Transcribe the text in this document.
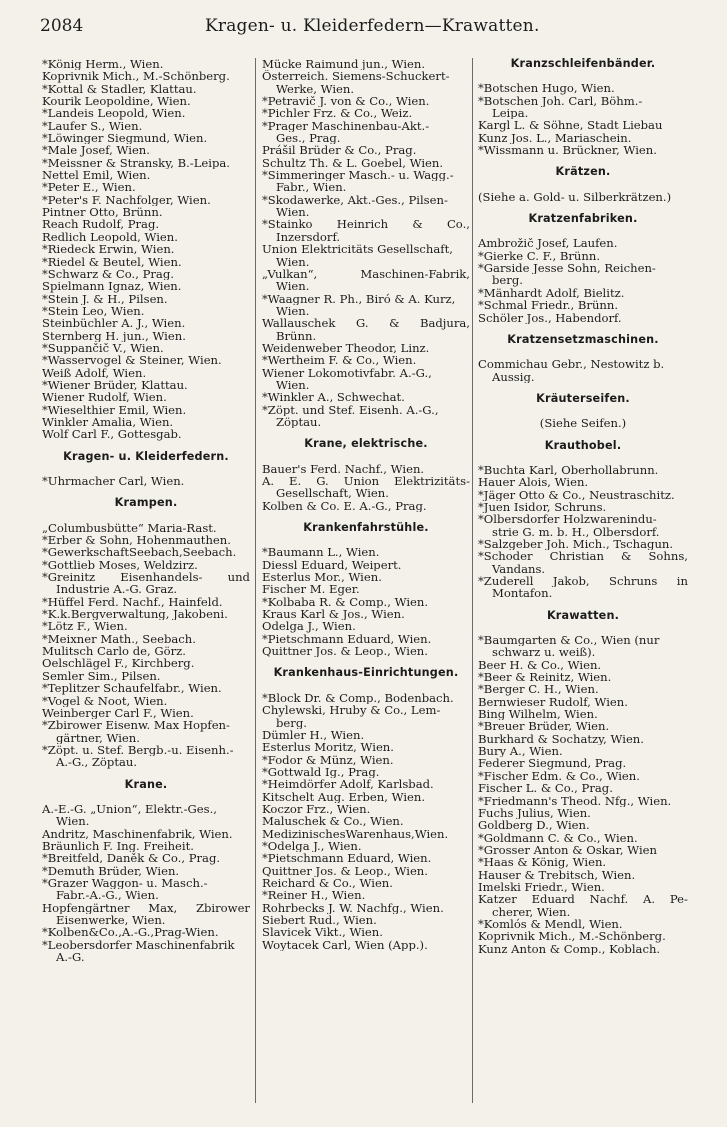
2084	Kragen- u. Kleiderfedern—Krawatten.
*König Herm., Wien.
Koprivnik Mich., M.-Schönberg.
*Kottal & Stadler, Klattau.
Kourik Leopoldine, Wien.
*Landeis Leopold, Wien.
*Laufer S., Wien.
*Löwinger Siegmund, Wien.
*Male Josef, Wien.
*Meissner & Stransky, B.-Leipa.
Nettel Emil, Wien.
*Peter E., Wien.
*Peter's F. Nachfolger, Wien.
Pintner Otto, Brünn.
Reach Rudolf, Prag.
Redlich Leopold, Wien.
*Riedeck Erwin, Wien.
*Riedel & Beutel, Wien.
*Schwarz & Co., Prag.
Spielmann Ignaz, Wien.
*Stein J. & H., Pilsen.
*Stein Leo, Wien.
Steinbüchler A. J., Wien.
Sternberg H. jun., Wien.
*Suppančič V., Wien.
*Wasservogel & Steiner, Wien.
Weiß Adolf, Wien.
*Wiener Brüder, Klattau.
Wiener Rudolf, Wien.
*Wieselthier Emil, Wien.
Winkler Amalia, Wien.
Wolf Carl F., Gottesgab.
Kragen- u. Kleiderfedern.
*Uhrmacher Carl, Wien.
Krampen.
„Columbusbütte“ Maria-Rast.
*Erber & Sohn, Hohenmauthen.
*GewerkschaftSeebach,Seebach.
*Gottlieb Moses, Weldzirz.
*Greinitz Eisenhandels- und
Industrie A.-G. Graz.
*Hüffel Ferd. Nachf., Hainfeld.
*K.k.Bergverwaltung, Jakobeni.
*Lötz F., Wien.
*Meixner Math., Seebach.
Mulitsch Carlo de, Görz.
Oelschlägel F., Kirchberg.
Semler Sim., Pilsen.
*Teplitzer Schaufelfabr., Wien.
*Vogel & Noot, Wien.
Weinberger Carl F., Wien.
*Zbirower Eisenw. Max Hopfen-
gärtner, Wien.
*Zöpt. u. Stef. Bergb.-u. Eisenh.-
A.-G., Zöptau.
Krane.
A.-E.-G. „Union“, Elektr.-Ges.,
Wien.
Andritz, Maschinenfabrik, Wien.
Bräunlich F. Ing. Freiheit.
*Breitfeld, Daněk & Co., Prag.
*Demuth Brüder, Wien.
*Grazer Waggon- u. Masch.-
Fabr.-A.-G., Wien.
Hopfengärtner Max, Zbirower
Eisenwerke, Wien.
*Kolben&Co.,A.-G.,Prag-Wien.
*Leobersdorfer Maschinenfabrik
A.-G.
Mücke Raimund jun., Wien.
Österreich. Siemens-Schuckert-
Werke, Wien.
*Petravič J. von & Co., Wien.
*Pichler Frz. & Co., Weiz.
*Prager Maschinenbau-Akt.-
Ges., Prag.
Prášil Brüder & Co., Prag.
Schultz Th. & L. Goebel, Wien.
*Simmeringer Masch.- u. Wagg.-
Fabr., Wien.
*Skodawerke, Akt.-Ges., Pilsen-
Wien.
*Stainko Heinrich & Co.,
Inzersdorf.
Union Elektricitäts Gesellschaft,
Wien.
„Vulkan“,	Maschinen-Fabrik,
Wien.
*Waagner R. Ph., Biró & A. Kurz,
Wien.
Wallauschek G. & Badjura,
Brünn.
Weidenweber Theodor, Linz.
*Wertheim F. & Co., Wien.
Wiener Lokomotivfabr. A.-G.,
Wien.
*Winkler A., Schwechat.
*Zöpt. und Stef. Eisenh. A.-G.,
Zöptau.
Krane, elektrische.
Bauer's Ferd. Nachf., Wien.
A. E. G. Union Elektrizitäts-
Gesellschaft, Wien.
Kolben & Co. E. A.-G., Prag.
Krankenfahrstühle.
*Baumann L., Wien.
Diessl Eduard, Weipert.
Esterlus Mor., Wien.
Fischer M. Eger.
*Kolbaba R. & Comp., Wien.
Kraus Karl & Jos., Wien.
Odelga J., Wien.
*Pietschmann Eduard, Wien.
Quittner Jos. & Leop., Wien.
Krankenhaus-Einrichtungen.
*Block Dr. & Comp., Bodenbach.
Chylewski, Hruby & Co., Lem-
berg.
Dümler H., Wien.
Esterlus Moritz, Wien.
*Fodor & Münz, Wien.
*Gottwald Ig., Prag.
*Heimdörfer Adolf, Karlsbad.
Kitschelt Aug. Erben, Wien.
Koczor Frz., Wien.
Maluschek & Co., Wien.
MedizinischesWarenhaus,Wien.
*Odelga J., Wien.
*Pietschmann Eduard, Wien.
Quittner Jos. & Leop., Wien.
Reichard & Co., Wien.
*Reiner H., Wien.
Rohrbecks J. W. Nachfg., Wien.
Siebert Rud., Wien.
Slavicek Vikt., Wien.
Woytacek Carl, Wien (App.).
Kranzschleifenbänder.
*Botschen Hugo, Wien.
*Botschen Joh. Carl, Böhm.-
Leipa.
Kargl L. & Söhne, Stadt Liebau
Kunz Jos. L., Mariaschein.
*Wissmann u. Brückner, Wien.
Krätzen.
(Siehe a. Gold- u. Silberkrätzen.)
Kratzenfabriken.
Ambrožič Josef, Laufen.
*Gierke C. F., Brünn.
*Garside Jesse Sohn, Reichen-
berg.
*Mänhardt Adolf, Bielitz.
*Schmal Friedr., Brünn.
Schöler Jos., Habendorf.
Kratzensetzmaschinen.
Commichau Gebr., Nestowitz b.
Aussig.
Kräuterseifen.
(Siehe Seifen.)
Krauthobel.
*Buchta Karl, Oberhollabrunn.
Hauer Alois, Wien.
*Jäger Otto & Co., Neustraschitz.
*Juen Isidor, Schruns.
*Olbersdorfer Holzwarenindu-
strie G. m. b. H., Olbersdorf.
*Salzgeber Joh. Mich., Tschagun.
*Schoder Christian & Sohns,
Vandans.
*Zuderell Jakob, Schruns in
Montafon.
Krawatten.
*Baumgarten & Co., Wien (nur
schwarz u. weiß).
Beer H. & Co., Wien.
*Beer & Reinitz, Wien.
*Berger C. H., Wien.
Bernwieser Rudolf, Wien.
Bing Wilhelm, Wien.
*Breuer Brüder, Wien.
Burkhard & Sochatzy, Wien.
Bury A., Wien.
Federer Siegmund, Prag.
*Fischer Edm. & Co., Wien.
Fischer L. & Co., Prag.
*Friedmann's Theod. Nfg., Wien.
Fuchs Julius, Wien.
Goldberg D., Wien.
*Goldmann C. & Co., Wien.
*Grosser Anton & Oskar, Wien
*Haas & König, Wien.
Hauser & Trebitsch, Wien.
Imelski Friedr., Wien.
Katzer Eduard Nachf. A. Pe-
cherer, Wien.
*Komlós & Mendl, Wien.
Koprivnik Mich., M.-Schönberg.
Kunz Anton & Comp., Koblach.
